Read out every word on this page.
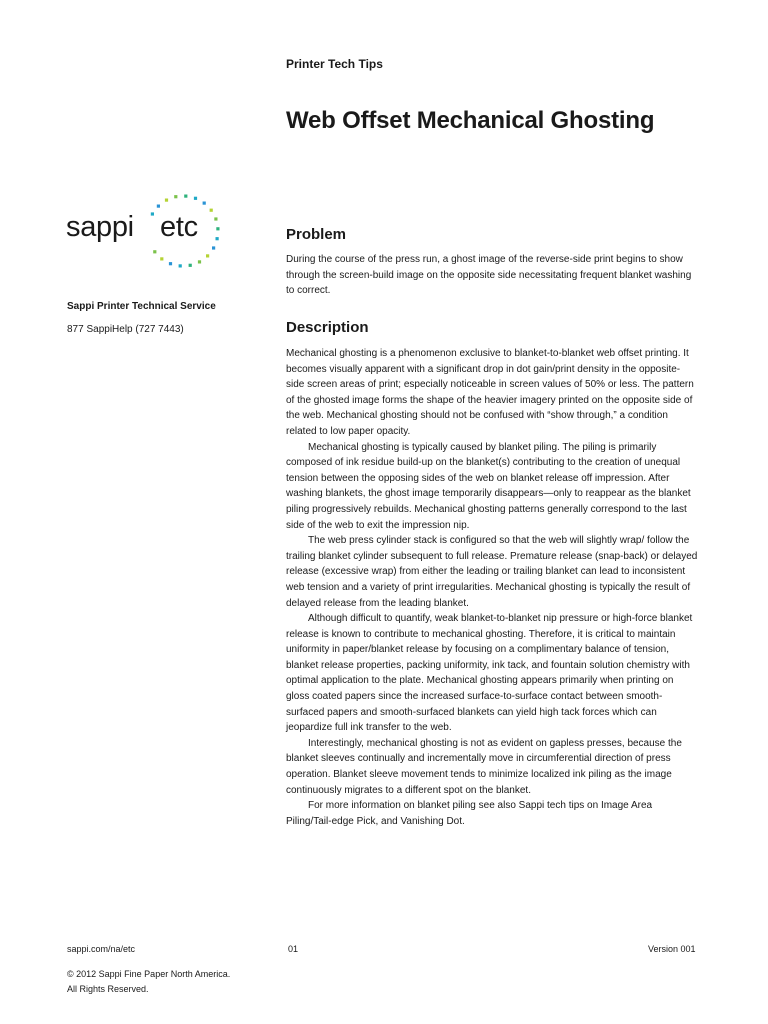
Printer Tech Tips
Web Offset Mechanical Ghosting
sappi etc
Sappi Printer Technical Service
877 SappiHelp (727 7443)
Problem

During the course of the press run, a ghost image of the reverse-side print begins to show through the screen-build image on the opposite side necessitating frequent blanket washing to correct.

Description

Mechanical ghosting is a phenomenon exclusive to blanket-to-blanket web offset printing. It becomes visually apparent with a significant drop in dot gain/print density in the opposite-side screen areas of print; especially noticeable in screen values of 50% or less. The pattern of the ghosted image forms the shape of the heavier imagery printed on the opposite side of the web. Mechanical ghosting should not be confused with “show through,” a condition related to low paper opacity.

Mechanical ghosting is typically caused by blanket piling. The piling is primarily composed of ink residue build-up on the blanket(s) contributing to the creation of unequal tension between the opposing sides of the web on blanket release off impression. After washing blankets, the ghost image temporarily disappears—only to reappear as the blanket piling progressively rebuilds. Mechanical ghosting patterns generally correspond to the last side of the web to exit the impression nip.

The web press cylinder stack is configured so that the web will slightly wrap/ follow the trailing blanket cylinder subsequent to full release. Premature release (snap-back) or delayed release (excessive wrap) from either the leading or trailing blanket can lead to inconsistent web tension and a variety of print irregularities. Mechanical ghosting is typically the result of delayed release from the leading blanket.

Although difficult to quantify, weak blanket-to-blanket nip pressure or high-force blanket release is known to contribute to mechanical ghosting. Therefore, it is critical to maintain uniformity in paper/blanket release by focusing on a complimentary balance of tension, blanket release properties, packing uniformity, ink tack, and fountain solution chemistry with optimal application to the plate. Mechanical ghosting appears primarily when printing on gloss coated papers since the increased surface-to-surface contact between smooth-surfaced papers and smooth-surfaced blankets can yield high tack forces which can jeopardize full ink transfer to the web.

Interestingly, mechanical ghosting is not as evident on gapless presses, because the blanket sleeves continually and incrementally move in circumferential direction of press operation. Blanket sleeve movement tends to minimize localized ink piling as the image continuously migrates to a different spot on the blanket.

For more information on blanket piling see also Sappi tech tips on Image Area Piling/Tail-edge Pick, and Vanishing Dot.

sappi.com/na/etc	01	Version 001
© 2012 Sappi Fine Paper North America.
All Rights Reserved.
